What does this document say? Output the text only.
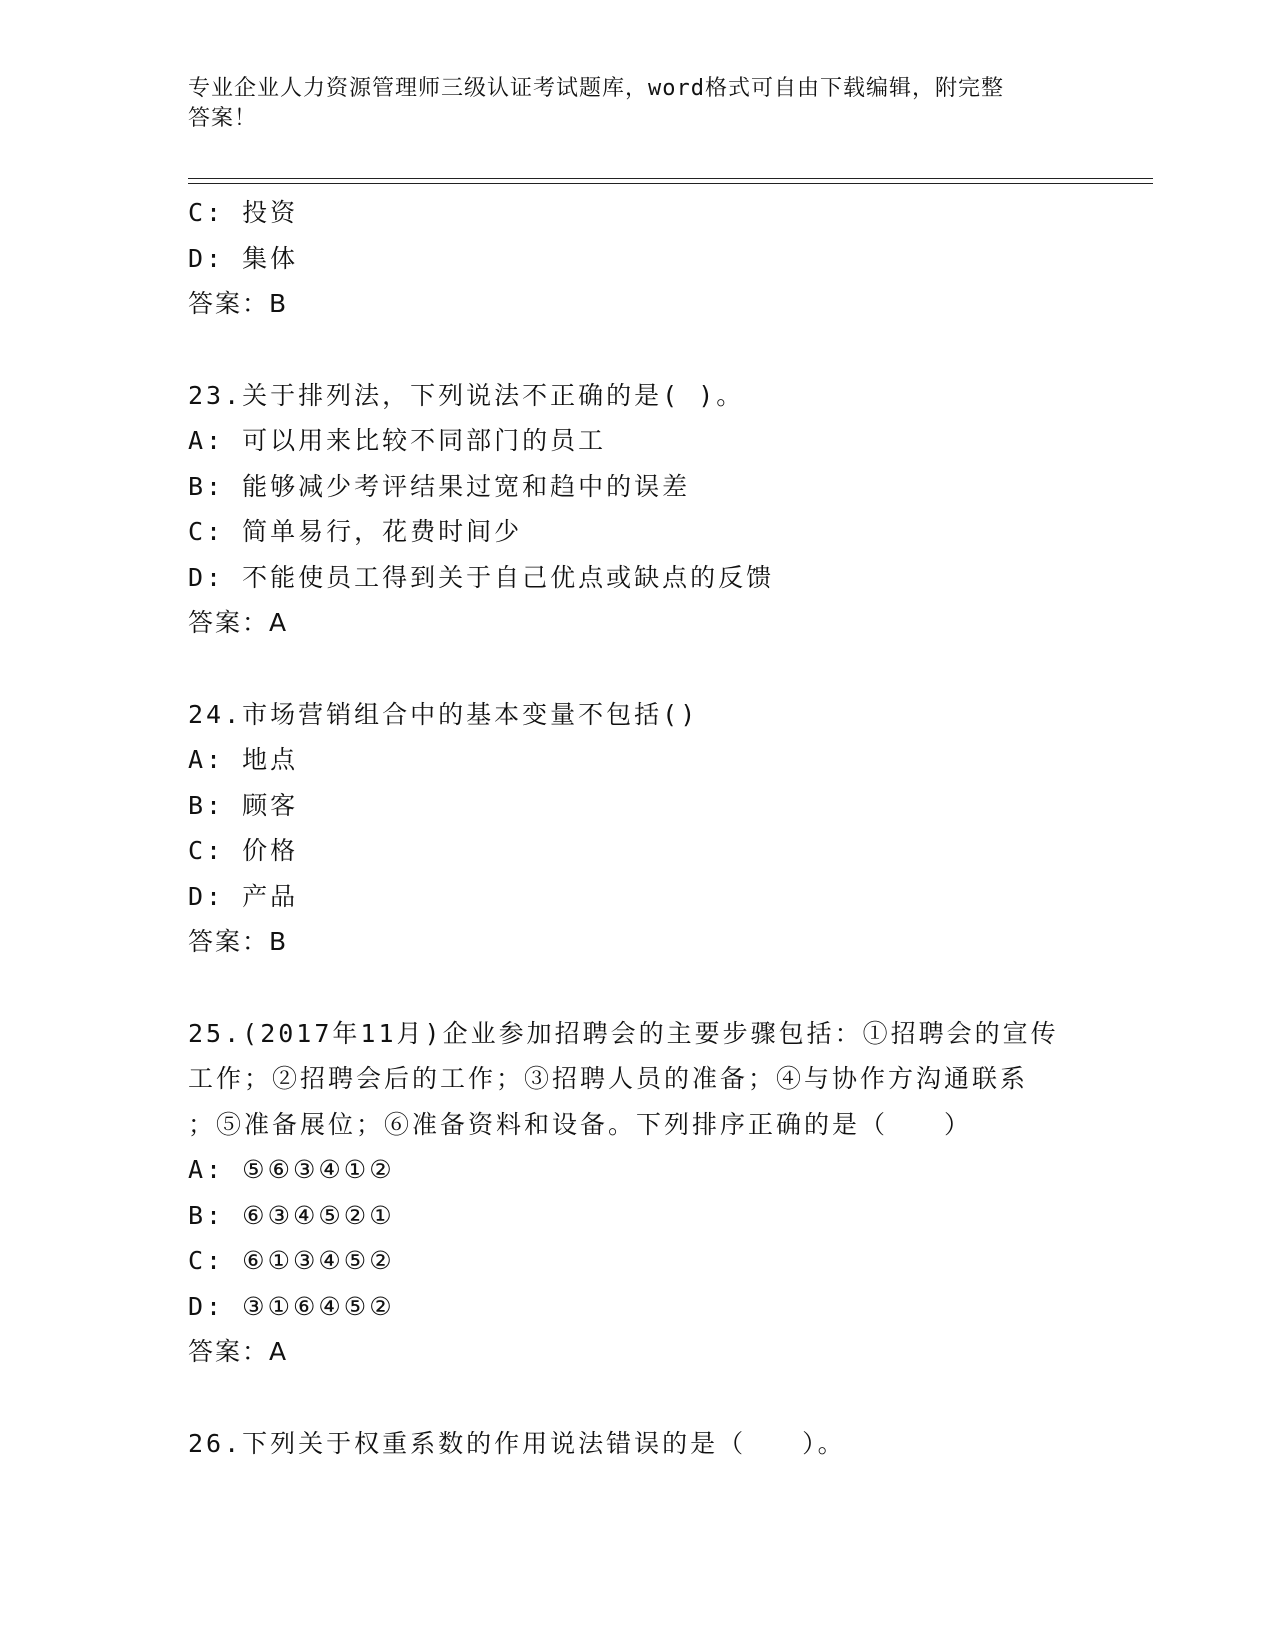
专业企业人力资源管理师三级认证考试题库，word格式可自由下载编辑，附完整
答案！
C: 投资
D: 集体
答案：B
23.关于排列法，下列说法不正确的是( )。
A: 可以用来比较不同部门的员工
B: 能够减少考评结果过宽和趋中的误差
C: 简单易行，花费时间少
D: 不能使员工得到关于自己优点或缺点的反馈
答案：A
24.市场营销组合中的基本变量不包括()
A: 地点
B: 顾客
C: 价格
D: 产品
答案：B
25.(2017年11月)企业参加招聘会的主要步骤包括：①招聘会的宣传
工作；②招聘会后的工作；③招聘人员的准备；④与协作方沟通联系
；⑤准备展位；⑥准备资料和设备。下列排序正确的是（　　）
A: ⑤⑥③④①②
B: ⑥③④⑤②①
C: ⑥①③④⑤②
D: ③①⑥④⑤②
答案：A
26.下列关于权重系数的作用说法错误的是（　　）。
